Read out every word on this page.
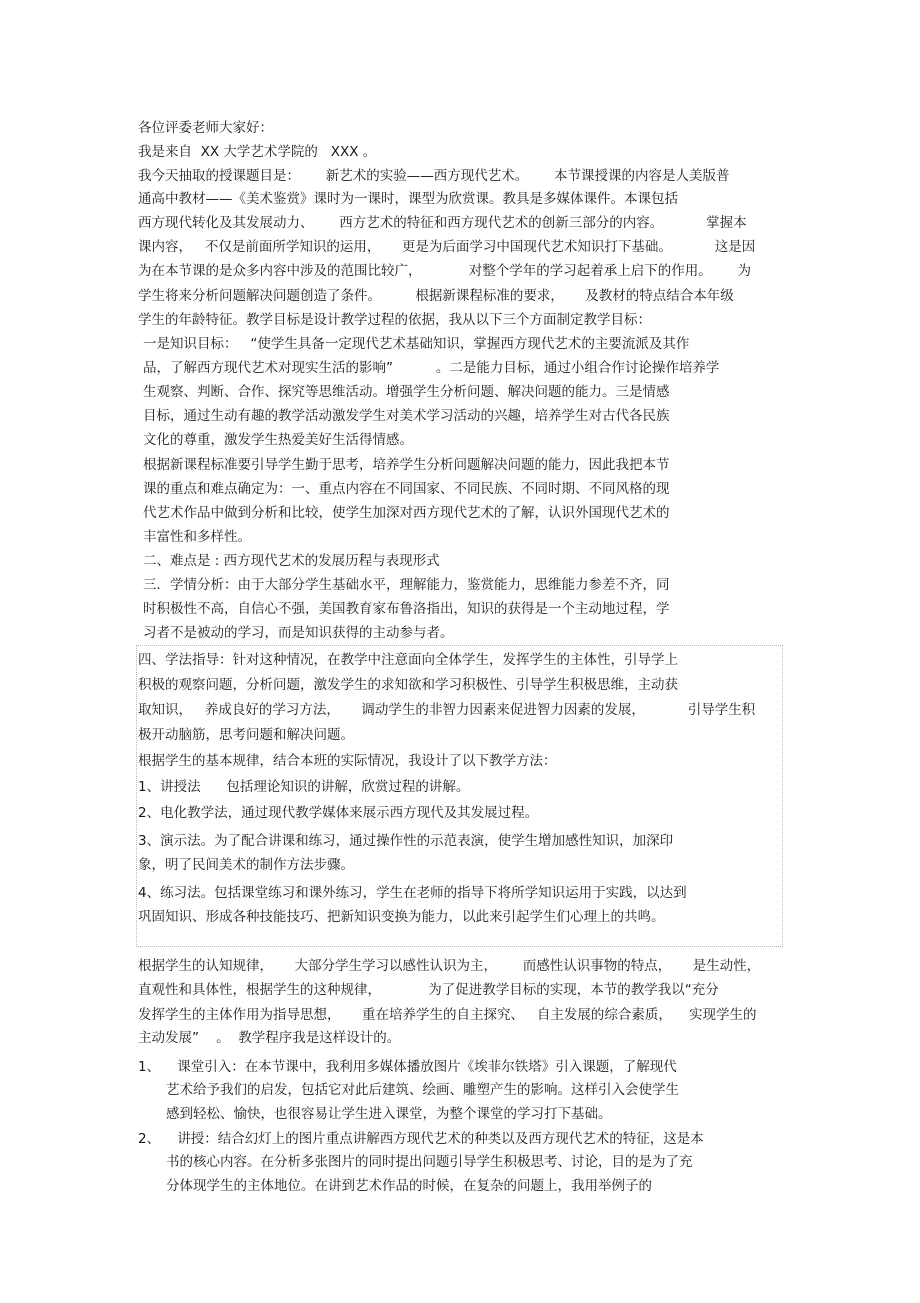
各位评委老师大家好：
我是来自  XX 大学艺术学院的   XXX 。
我今天抽取的授课题目是：      新艺术的实验——西方现代艺术。      本节课授课的内容是人美版普
通高中教材——《美术鉴赏》课时为一课时，课型为欣赏课。教具是多媒体课件。本课包括
西方现代转化及其发展动力、      西方艺术的特征和西方现代艺术的创新三部分的内容。          掌握本
课内容，   不仅是前面所学知识的运用，     更是为后面学习中国现代艺术知识打下基础。          这是因
为在本节课的是众多内容中涉及的范围比较广，           对整个学年的学习起着承上启下的作用。      为
学生将来分析问题解决问题创造了条件。        根据新课程标准的要求，     及教材的特点结合本年级
学生的年龄特征。教学目标是设计教学过程的依据，我从以下三个方面制定教学目标：
一是知识目标：   “使学生具备一定现代艺术基础知识，掌握西方现代艺术的主要流派及其作
品，了解西方现代艺术对现实生活的影响”          。二是能力目标，通过小组合作讨论操作培养学
生观察、判断、合作、探究等思维活动。增强学生分析问题、解决问题的能力。三是情感
目标，通过生动有趣的教学活动激发学生对美术学习活动的兴趣，培养学生对古代各民族
文化的尊重，激发学生热爱美好生活得情感。
根据新课程标准要引导学生勤于思考，培养学生分析问题解决问题的能力，因此我把本节
课的重点和难点确定为：一、重点内容在不同国家、不同民族、不同时期、不同风格的现
代艺术作品中做到分析和比较，使学生加深对西方现代艺术的了解，认识外国现代艺术的
丰富性和多样性。
二、难点是 : 西方现代艺术的发展历程与表现形式
三．学情分析：由于大部分学生基础水平，理解能力，鉴赏能力，思维能力参差不齐，同
时积极性不高，自信心不强，美国教育家布鲁洛指出，知识的获得是一个主动地过程，学
习者不是被动的学习，而是知识获得的主动参与者。
四、学法指导：针对这种情况，在教学中注意面向全体学生，发挥学生的主体性，引导学上
积极的观察问题，分析问题，激发学生的求知欲和学习积极性、引导学生积极思维，主动获
取知识，   养成良好的学习方法，     调动学生的非智力因素来促进智力因素的发展，          引导学生积
极开动脑筋，思考问题和解决问题。
根据学生的基本规律，结合本班的实际情况，我设计了以下教学方法：
1、讲授法      包括理论知识的讲解，欣赏过程的讲解。
2、电化教学法，通过现代教学媒体来展示西方现代及其发展过程。
3、演示法。为了配合讲课和练习，通过操作性的示范表演，使学生增加感性知识，加深印
象，明了民间美术的制作方法步骤。
4、练习法。包括课堂练习和课外练习，学生在老师的指导下将所学知识运用于实践，以达到
巩固知识、形成各种技能技巧、把新知识变换为能力，以此来引起学生们心理上的共鸣。
根据学生的认知规律，     大部分学生学习以感性认识为主，      而感性认识事物的特点，     是生动性，
直观性和具体性，根据学生的这种规律，           为了促进教学目标的实现，本节的教学我以“充分
发挥学生的主体作用为指导思想，     重在培养学生的自主探究、   自主发展的综合素质，    实现学生的
主动发展”    。  教学程序我是这样设计的。
1、    课堂引入：在本节课中，我利用多媒体播放图片《埃菲尔铁塔》引入课题，了解现代
艺术给予我们的启发，包括它对此后建筑、绘画、雕塑产生的影响。这样引入会使学生
感到轻松、愉快，也很容易让学生进入课堂，为整个课堂的学习打下基础。
2、    讲授：结合幻灯上的图片重点讲解西方现代艺术的种类以及西方现代艺术的特征，这是本
书的核心内容。在分析多张图片的同时提出问题引导学生积极思考、讨论，目的是为了充
分体现学生的主体地位。在讲到艺术作品的时候，在复杂的问题上，我用举例子的
